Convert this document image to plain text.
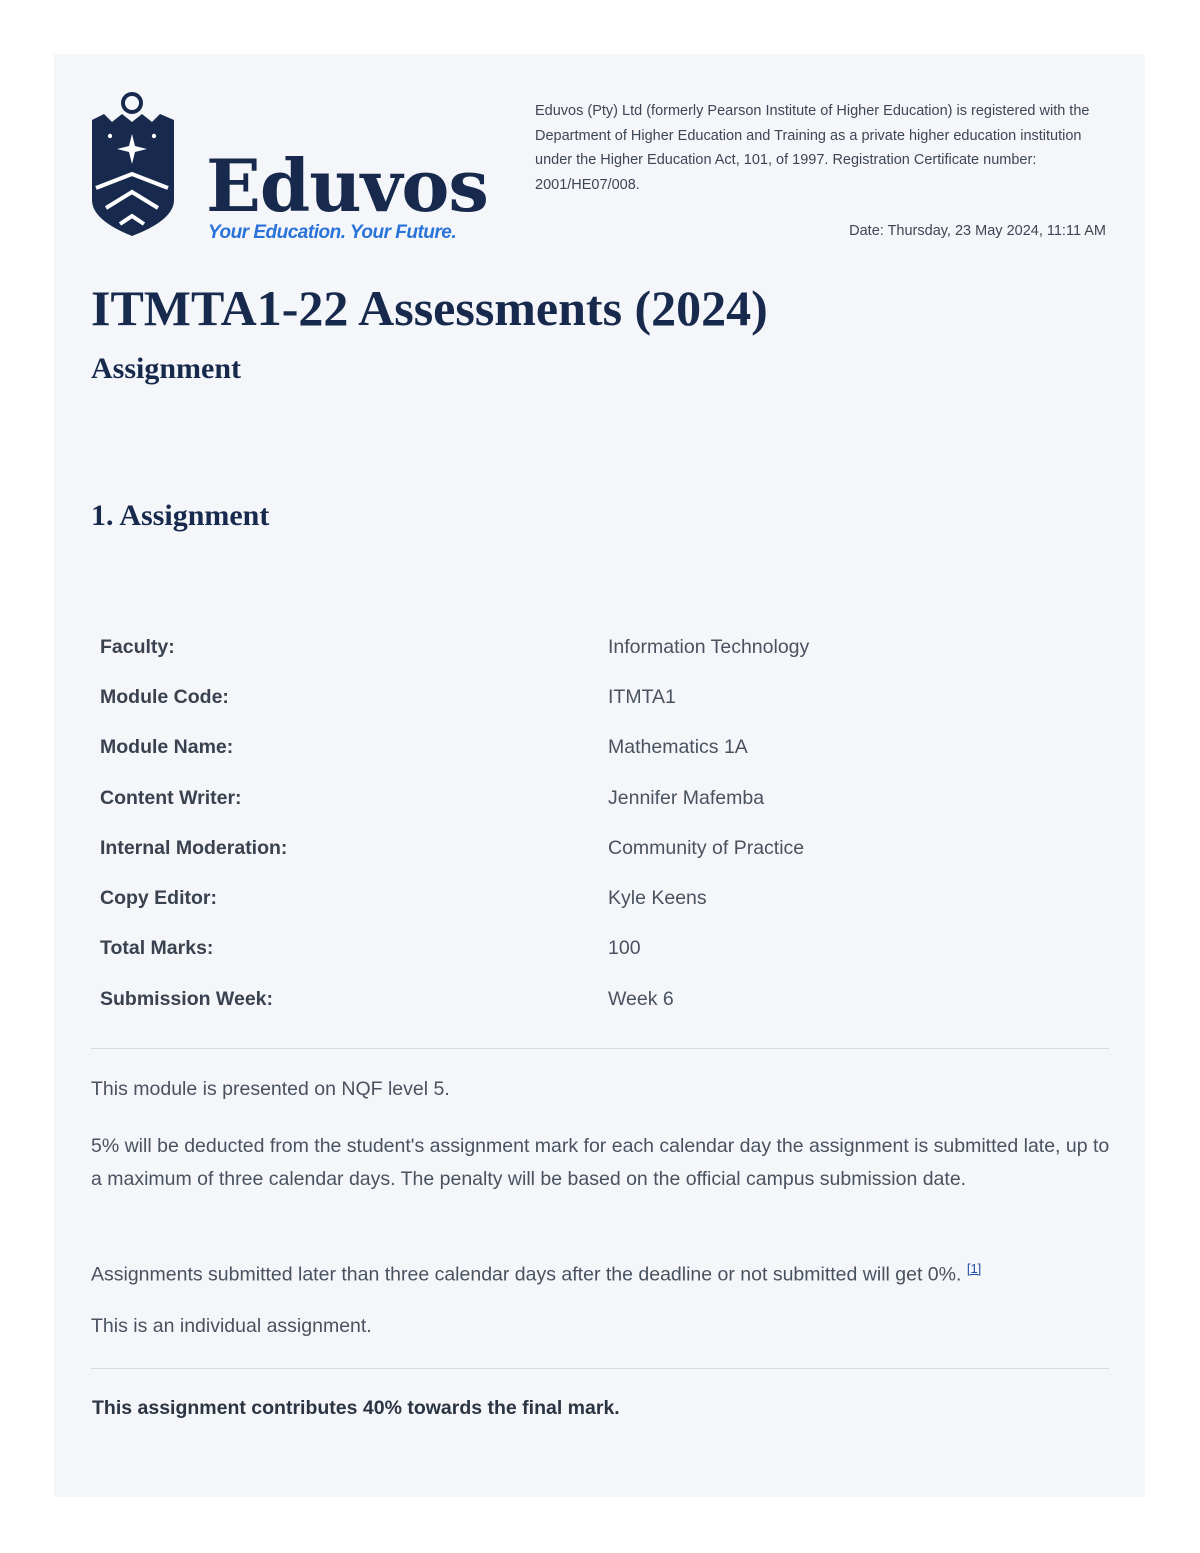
Eduvos
Your Education. Your Future.
Eduvos (Pty) Ltd (formerly Pearson Institute of Higher Education) is registered with the Department of Higher Education and Training as a private higher education institution under the Higher Education Act, 101, of 1997. Registration Certificate number: 2001/HE07/008.
Date: Thursday, 23 May 2024, 11:11 AM
ITMTA1-22 Assessments (2024)
Assignment
1. Assignment
Faculty:	Information Technology
Module Code:	ITMTA1
Module Name:	Mathematics 1A
Content Writer:	Jennifer Mafemba
Internal Moderation:	Community of Practice
Copy Editor:	Kyle Keens
Total Marks:	100
Submission Week:	Week 6

This module is presented on NQF level 5.

5% will be deducted from the student's assignment mark for each calendar day the assignment is submitted late, up to a maximum of three calendar days. The penalty will be based on the official campus submission date.

Assignments submitted later than three calendar days after the deadline or not submitted will get 0%. [1]

This is an individual assignment.

This assignment contributes 40% towards the final mark.
